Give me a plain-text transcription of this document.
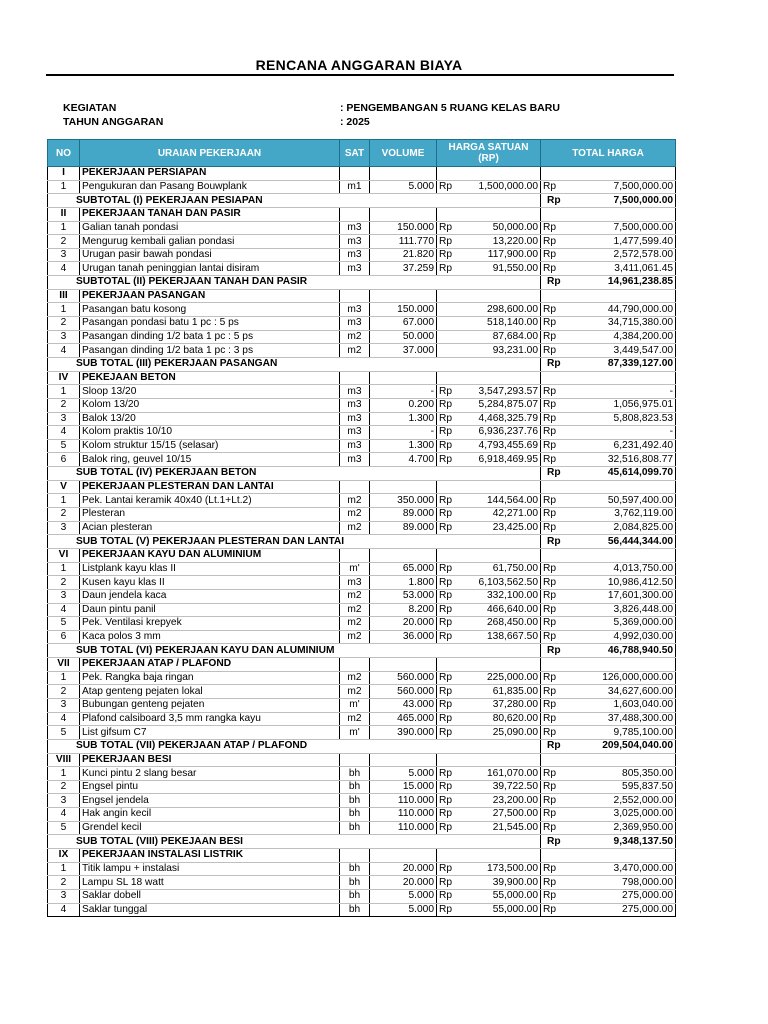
RENCANA ANGGARAN BIAYA
KEGIATAN	: PENGEMBANGAN 5 RUANG KELAS BARU
TAHUN ANGGARAN	: 2025
NO	URAIAN PEKERJAAN	SAT	VOLUME	HARGA SATUAN (RP)		TOTAL HARGA	
I	PEKERJAAN PERSIAPAN						
1	Pengukuran dan Pasang Bouwplank	m1	5.000	Rp	1,500,000.00	Rp	7,500,000.00
SUBTOTAL (I) PEKERJAAN PESIAPAN						Rp	7,500,000.00
II	PEKERJAAN TANAH DAN PASIR						
1	Galian tanah pondasi	m3	150.000	Rp	50,000.00	Rp	7,500,000.00
2	Mengurug kembali galian pondasi	m3	111.770	Rp	13,220.00	Rp	1,477,599.40
3	Urugan pasir bawah pondasi	m3	21.820	Rp	117,900.00	Rp	2,572,578.00
4	Urugan tanah peninggian lantai disiram	m3	37.259	Rp	91,550.00	Rp	3,411,061.45
SUBTOTAL (II) PEKERJAAN TANAH DAN PASIR						Rp	14,961,238.85
III	PEKERJAAN PASANGAN						
1	Pasangan batu kosong	m3	150.000		298,600.00	Rp	44,790,000.00
2	Pasangan pondasi batu 1 pc : 5 ps	m3	67.000		518,140.00	Rp	34,715,380.00
3	Pasangan dinding 1/2 bata 1 pc : 5 ps	m2	50.000		87,684.00	Rp	4,384,200.00
4	Pasangan dinding 1/2 bata 1 pc : 3 ps	m2	37.000		93,231.00	Rp	3,449,547.00
SUB TOTAL (III) PEKERJAAN PASANGAN						Rp	87,339,127.00
IV	PEKEJAAN BETON						
1	Sloop 13/20	m3	-	Rp	3,547,293.57	Rp	-
2	Kolom 13/20	m3	0.200	Rp	5,284,875.07	Rp	1,056,975.01
3	Balok 13/20	m3	1.300	Rp	4,468,325.79	Rp	5,808,823.53
4	Kolom praktis 10/10	m3	-	Rp	6,936,237.76	Rp	-
5	Kolom struktur 15/15 (selasar)	m3	1.300	Rp	4,793,455.69	Rp	6,231,492.40
6	Balok ring, geuvel 10/15	m3	4.700	Rp	6,918,469.95	Rp	32,516,808.77
SUB TOTAL (IV) PEKERJAAN BETON						Rp	45,614,099.70
V	PEKERJAAN PLESTERAN DAN LANTAI						
1	Pek. Lantai keramik 40x40 (Lt.1+Lt.2)	m2	350.000	Rp	144,564.00	Rp	50,597,400.00
2	Plesteran	m2	89.000	Rp	42,271.00	Rp	3,762,119.00
3	Acian plesteran	m2	89.000	Rp	23,425.00	Rp	2,084,825.00
SUB TOTAL (V) PEKERJAAN PLESTERAN DAN LANTAI						Rp	56,444,344.00
VI	PEKERJAAN KAYU DAN ALUMINIUM						
1	Listplank kayu klas II	m'	65.000	Rp	61,750.00	Rp	4,013,750.00
2	Kusen kayu klas II	m3	1.800	Rp	6,103,562.50	Rp	10,986,412.50
3	Daun jendela kaca	m2	53.000	Rp	332,100.00	Rp	17,601,300.00
4	Daun pintu panil	m2	8.200	Rp	466,640.00	Rp	3,826,448.00
5	Pek. Ventilasi krepyek	m2	20.000	Rp	268,450.00	Rp	5,369,000.00
6	Kaca polos 3 mm	m2	36.000	Rp	138,667.50	Rp	4,992,030.00
SUB TOTAL (VI) PEKERJAAN KAYU DAN ALUMINIUM						Rp	46,788,940.50
VII	PEKERJAAN ATAP / PLAFOND						
1	Pek. Rangka baja ringan	m2	560.000	Rp	225,000.00	Rp	126,000,000.00
2	Atap genteng pejaten lokal	m2	560.000	Rp	61,835.00	Rp	34,627,600.00
3	Bubungan genteng pejaten	m'	43.000	Rp	37,280.00	Rp	1,603,040.00
4	Plafond calsiboard 3,5 mm rangka kayu	m2	465.000	Rp	80,620.00	Rp	37,488,300.00
5	List gifsum C7	m'	390.000	Rp	25,090.00	Rp	9,785,100.00
SUB TOTAL (VII) PEKERJAAN ATAP / PLAFOND						Rp	209,504,040.00
VIII	PEKERJAAN BESI						
1	Kunci pintu 2 slang besar	bh	5.000	Rp	161,070.00	Rp	805,350.00
2	Engsel pintu	bh	15.000	Rp	39,722.50	Rp	595,837.50
3	Engsel jendela	bh	110.000	Rp	23,200.00	Rp	2,552,000.00
4	Hak angin kecil	bh	110.000	Rp	27,500.00	Rp	3,025,000.00
5	Grendel kecil	bh	110.000	Rp	21,545.00	Rp	2,369,950.00
SUB TOTAL (VIII) PEKEJAAN BESI						Rp	9,348,137.50
IX	PEKERJAAN INSTALASI LISTRIK						
1	Titik lampu + instalasi	bh	20.000	Rp	173,500.00	Rp	3,470,000.00
2	Lampu SL 18 watt	bh	20.000	Rp	39,900.00	Rp	798,000.00
3	Saklar dobell	bh	5.000	Rp	55,000.00	Rp	275,000.00
4	Saklar tunggal	bh	5.000	Rp	55,000.00	Rp	275,000.00
